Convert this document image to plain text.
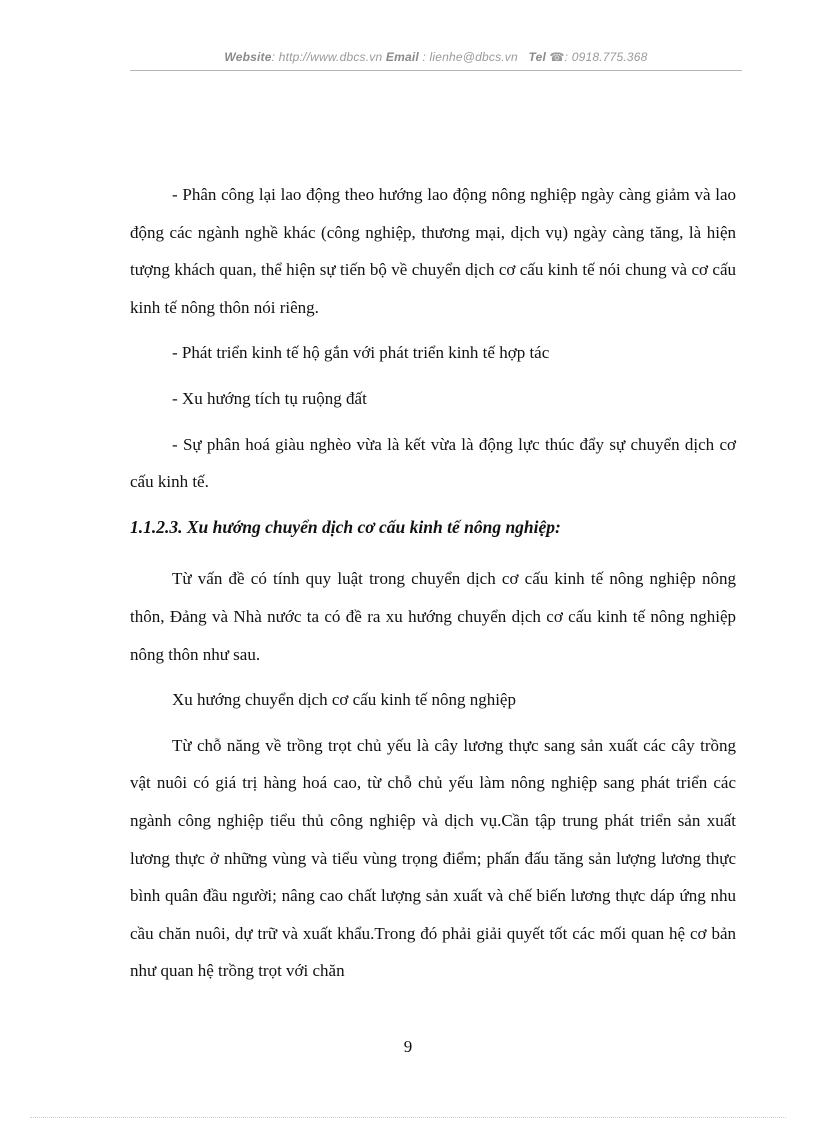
Website: http://www.dbcs.vn Email : lienhe@dbcs.vn Tel ☎: 0918.775.368

- Phân công lại lao động theo hướng lao động nông nghiệp ngày càng giảm và lao động các ngành nghề khác (công nghiệp, thương mại, dịch vụ) ngày càng tăng, là hiện tượng khách quan, thể hiện sự tiến bộ về chuyển dịch cơ cấu kinh tế nói chung và cơ cấu kinh tế nông thôn nói riêng.

- Phát triển kinh tế hộ gắn với phát triển kinh tế hợp tác

- Xu hướng tích tụ ruộng đất

- Sự phân hoá giàu nghèo vừa là kết vừa là động lực thúc đẩy sự chuyển dịch cơ cấu kinh tế.

1.1.2.3. Xu hướng chuyển dịch cơ cấu kinh tế nông nghiệp:

Từ vấn đề có tính quy luật trong chuyển dịch cơ cấu kinh tế nông nghiệp nông thôn, Đảng và Nhà nước ta có đề ra xu hướng chuyển dịch cơ cấu kinh tế nông nghiệp nông thôn như sau.

Xu hướng chuyển dịch cơ cấu kinh tế nông nghiệp

Từ chỗ năng về trồng trọt chủ yếu là cây lương thực sang sản xuất các cây trồng vật nuôi có giá trị hàng hoá cao, từ chỗ chủ yếu làm nông nghiệp sang phát triển các ngành công nghiệp tiểu thủ công nghiệp và dịch vụ.Cần tập trung phát triển sản xuất lương thực ở những vùng và tiểu vùng trọng điểm; phấn đấu tăng sản lượng lương thực bình quân đầu người; nâng cao chất lượng sản xuất và chế biến lương thực dáp ứng nhu cầu chăn nuôi, dự trữ và xuất khẩu.Trong đó phải giải quyết tốt các mối quan hệ cơ bản như quan hệ trồng trọt với chăn

9
